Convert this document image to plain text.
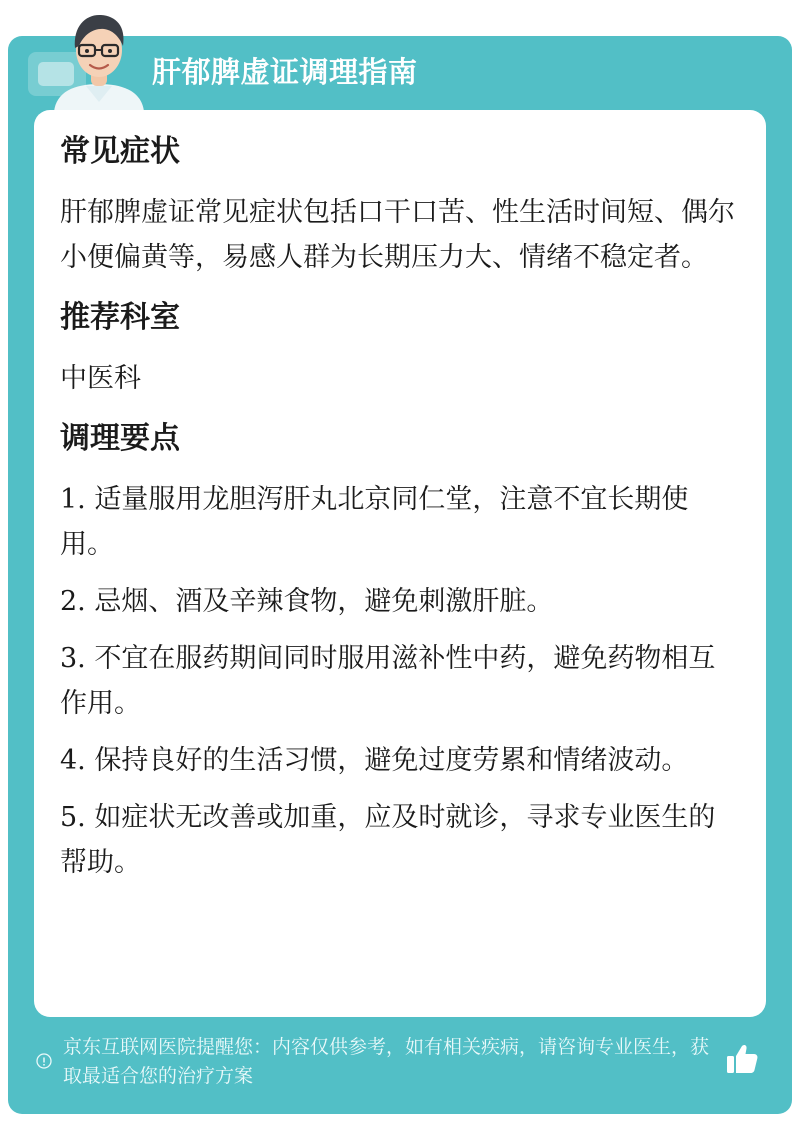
肝郁脾虚证调理指南
常见症状
肝郁脾虚证常见症状包括口干口苦、性生活时间短、偶尔小便偏黄等，易感人群为长期压力大、情绪不稳定者。
推荐科室
中医科
调理要点
1. 适量服用龙胆泻肝丸北京同仁堂，注意不宜长期使用。
2. 忌烟、酒及辛辣食物，避免刺激肝脏。
3. 不宜在服药期间同时服用滋补性中药，避免药物相互作用。
4. 保持良好的生活习惯，避免过度劳累和情绪波动。
5. 如症状无改善或加重，应及时就诊，寻求专业医生的帮助。
京东互联网医院提醒您：内容仅供参考，如有相关疾病，请咨询专业医生，获取最适合您的治疗方案
